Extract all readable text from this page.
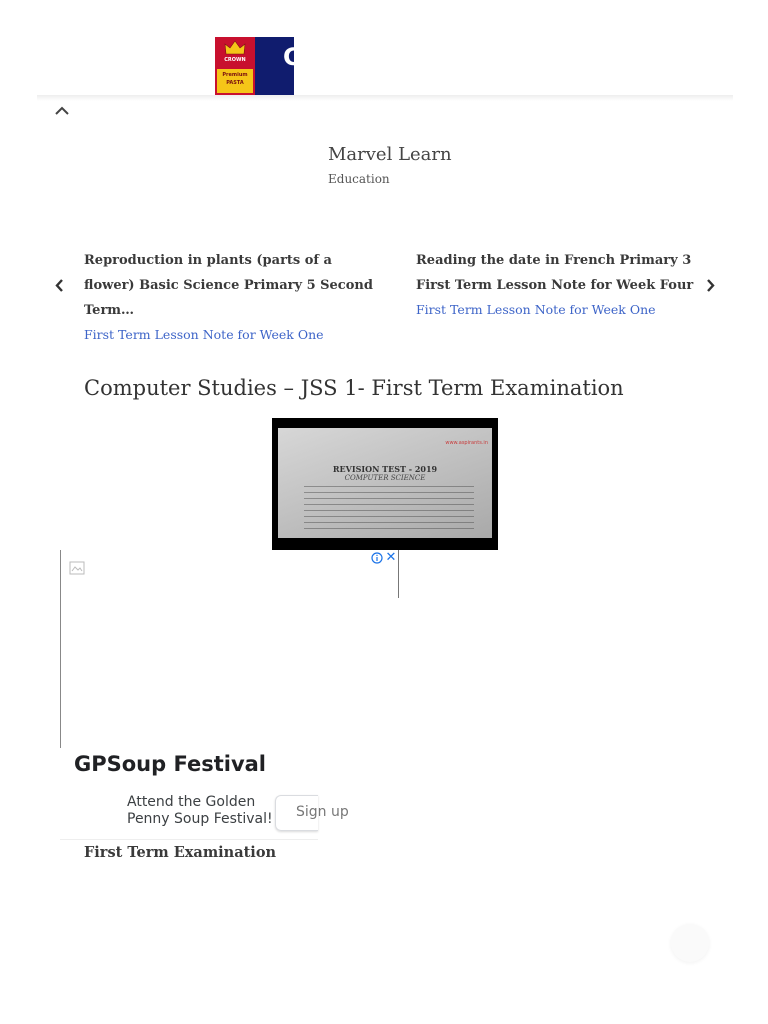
CROWN
Premium
PASTA
C
Marvel Learn
Education
Reproduction in plants (parts of a flower) Basic Science Primary 5 Second Term…
First Term Lesson Note for Week One
Reading the date in French Primary 3 First Term Lesson Note for Week Four
First Term Lesson Note for Week One
Computer Studies – JSS 1- First Term Examination
www.aspirants.in
REVISION TEST - 2019
COMPUTER SCIENCE
✕
GPSoup Festival
Attend the Golden
Penny Soup Festival! Sign up
First Term Examination
